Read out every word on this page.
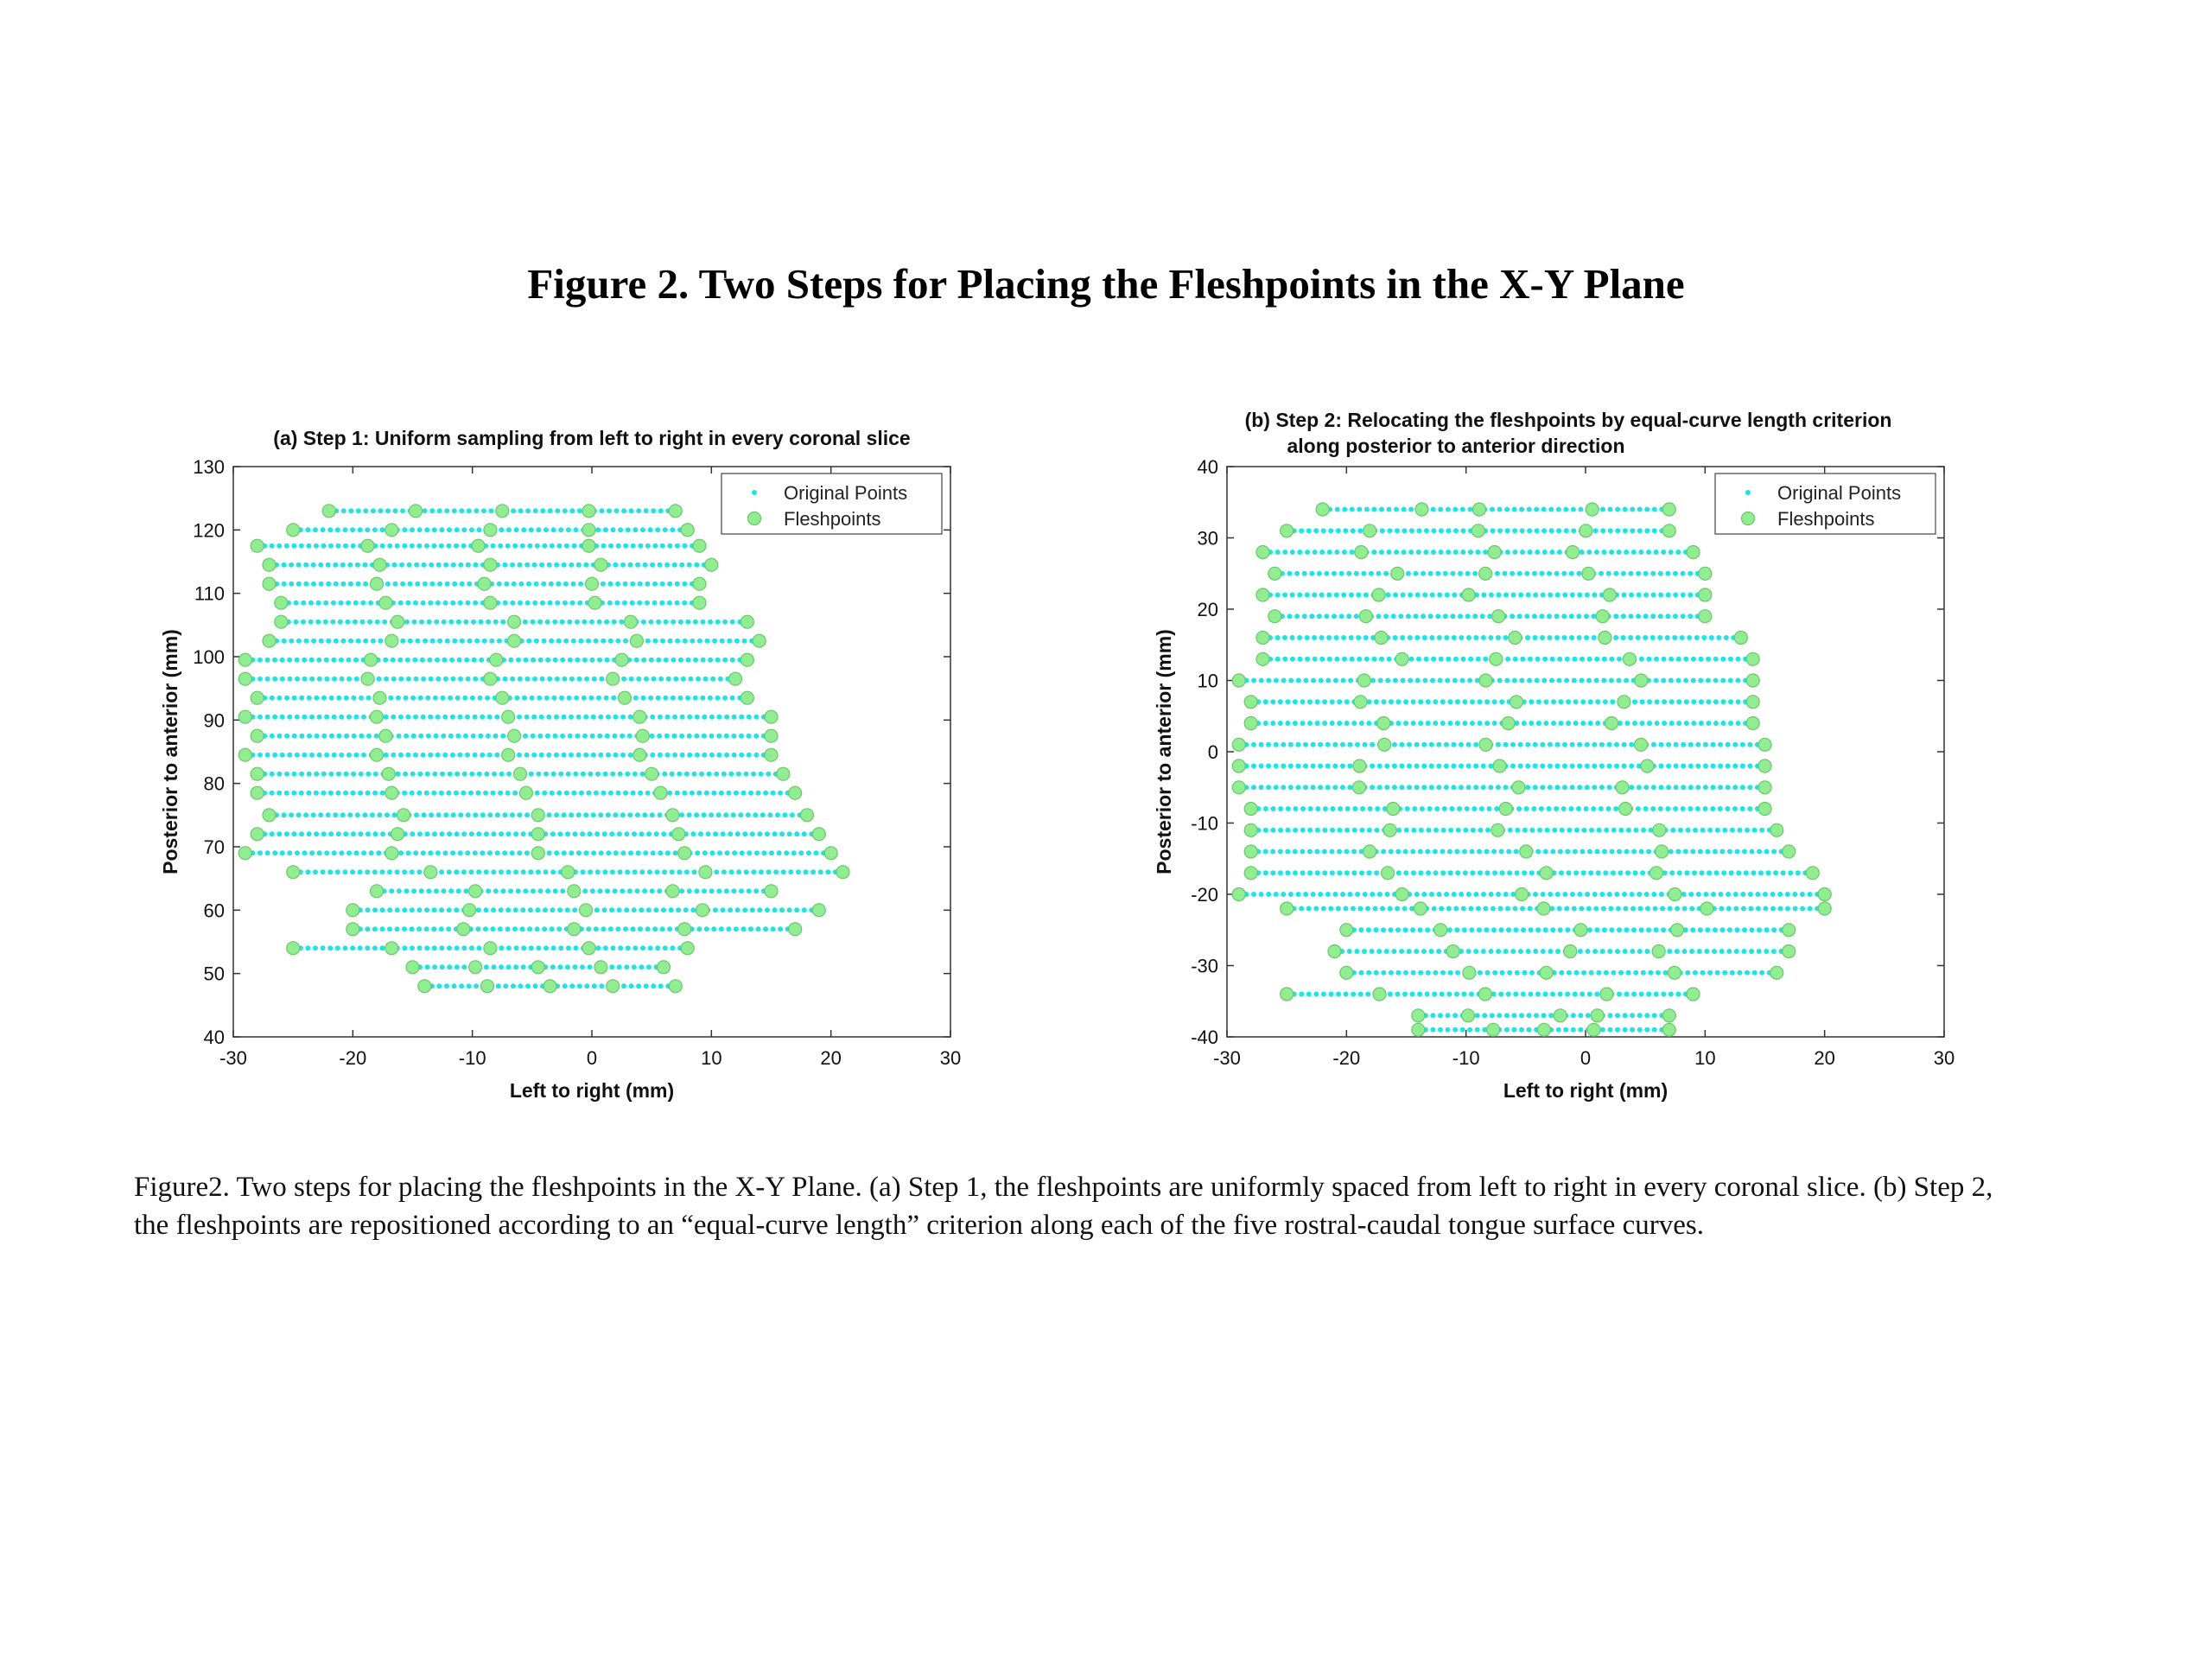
Figure 2. Two Steps for Placing the Fleshpoints in the X-Y Plane
(a) Step 1: Uniform sampling from left to right in every coronal slice
-30	-20	-10	0	10	20	30
40
50
60
70
80
90
100
110
120
130
Left to right (mm)
Posterior to anterior (mm)
Original Points
Fleshpoints
(b) Step 2: Relocating the fleshpoints by equal-curve length criterion
along posterior to anterior direction
-30	-20	-10	0	10	20	30
-40
-30
-20
-10
0
10
20
30
40
Left to right (mm)
Posterior to anterior (mm)
Original Points
Fleshpoints
Figure2. Two steps for placing the fleshpoints in the X-Y Plane. (a) Step 1, the fleshpoints are uniformly spaced from left to right in every coronal slice. (b) Step 2, the fleshpoints are repositioned according to an “equal-curve length” criterion along each of the five rostral-caudal tongue surface curves.
